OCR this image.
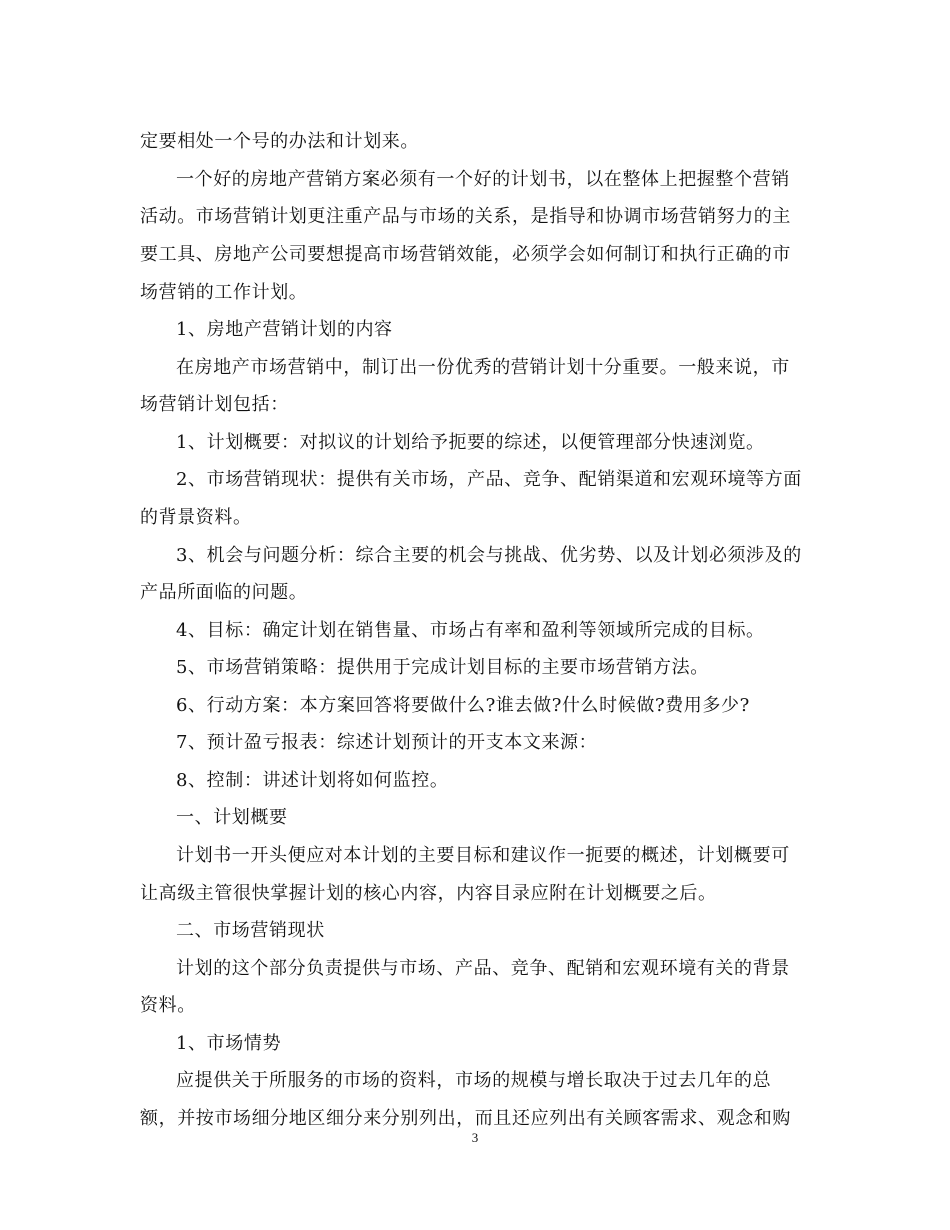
定要相处一个号的办法和计划来。
一个好的房地产营销方案必须有一个好的计划书，以在整体上把握整个营销
活动。市场营销计划更注重产品与市场的关系，是指导和协调市场营销努力的主
要工具、房地产公司要想提高市场营销效能，必须学会如何制订和执行正确的市
场营销的工作计划。
1、房地产营销计划的内容
在房地产市场营销中，制订出一份优秀的营销计划十分重要。一般来说，市
场营销计划包括：
1、计划概要：对拟议的计划给予扼要的综述，以便管理部分快速浏览。
2、市场营销现状：提供有关市场，产品、竞争、配销渠道和宏观环境等方面
的背景资料。
3、机会与问题分析：综合主要的机会与挑战、优劣势、以及计划必须涉及的
产品所面临的问题。
4、目标：确定计划在销售量、市场占有率和盈利等领域所完成的目标。
5、市场营销策略：提供用于完成计划目标的主要市场营销方法。
6、行动方案：本方案回答将要做什么?谁去做?什么时候做?费用多少?
7、预计盈亏报表：综述计划预计的开支本文来源：
8、控制：讲述计划将如何监控。
一、计划概要
计划书一开头便应对本计划的主要目标和建议作一扼要的概述，计划概要可
让高级主管很快掌握计划的核心内容，内容目录应附在计划概要之后。
二、市场营销现状
计划的这个部分负责提供与市场、产品、竞争、配销和宏观环境有关的背景
资料。
1、市场情势
应提供关于所服务的市场的资料，市场的规模与增长取决于过去几年的总
额，并按市场细分地区细分来分别列出，而且还应列出有关顾客需求、观念和购
3
